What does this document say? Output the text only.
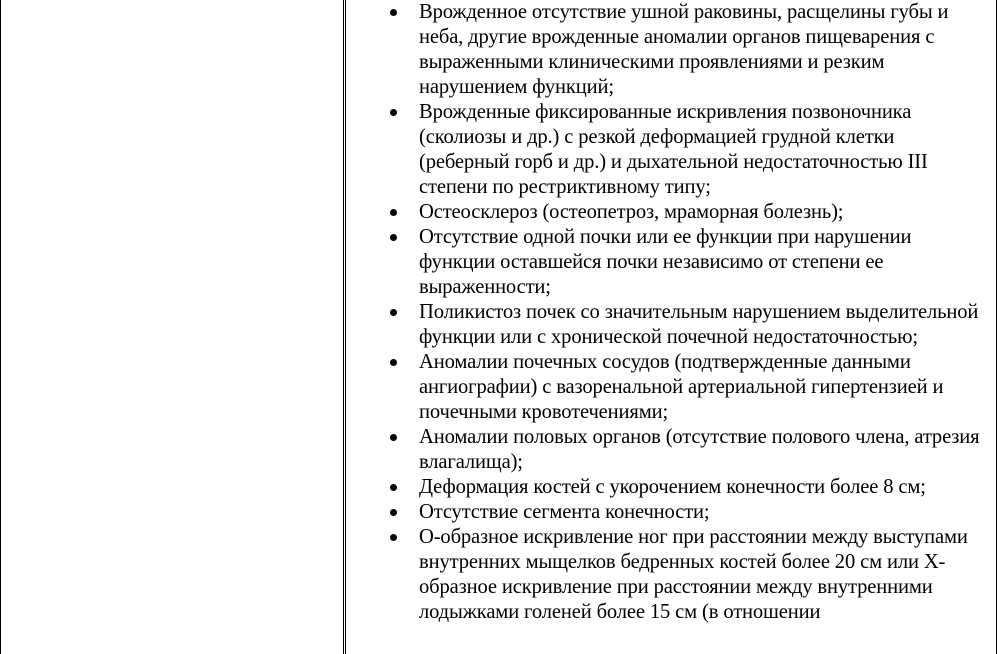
Врожденное отсутствие ушной раковины, расщелины губы и неба, другие врожденные аномалии органов пищеварения с выраженными клиническими проявлениями и резким нарушением функций;
Врожденные фиксированные искривления позвоночника (сколиозы и др.) с резкой деформацией грудной клетки (реберный горб и др.) и дыхательной недостаточностью III степени по рестриктивному типу;
Остеосклероз (остеопетроз, мраморная болезнь);
Отсутствие одной почки или ее функции при нарушении функции оставшейся почки независимо от степени ее выраженности;
Поликистоз почек со значительным нарушением выделительной функции или с хронической почечной недостаточностью;
Аномалии почечных сосудов (подтвержденные данными ангиографии) с вазоренальной артериальной гипертензией и почечными кровотечениями;
Аномалии половых органов (отсутствие полового члена, атрезия влагалища);
Деформация костей с укорочением конечности более 8 см;
Отсутствие сегмента конечности;
О-образное искривление ног при расстоянии между выступами внутренних мыщелков бедренных костей более 20 см или Х-образное искривление при расстоянии между внутренними лодыжками голеней более 15 см (в отношении
